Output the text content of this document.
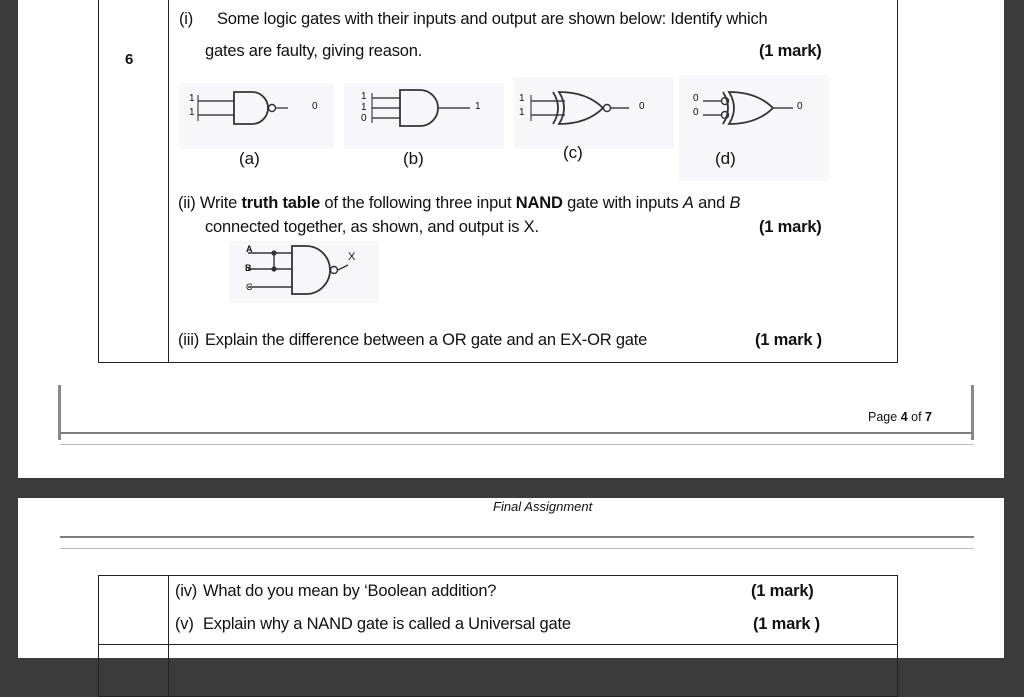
6
(i) Some logic gates with their inputs and output are shown below: Identify which
gates are faulty, giving reason.	(1 mark)
1
1
0
1
1
0
1
1
1
0
0
0
0
(a)	(b)	(c)	(d)
(ii) Write truth table of the following three input NAND gate with inputs A and B
connected together, as shown, and output is X.	(1 mark)
A
B
C
X
(iii) Explain the difference between a OR gate and an EX-OR gate	(1 mark )
Page 4 of 7
Final Assignment
(iv) What do you mean by ‘Boolean addition?	(1 mark)
(v) Explain why a NAND gate is called a Universal gate	(1 mark )
